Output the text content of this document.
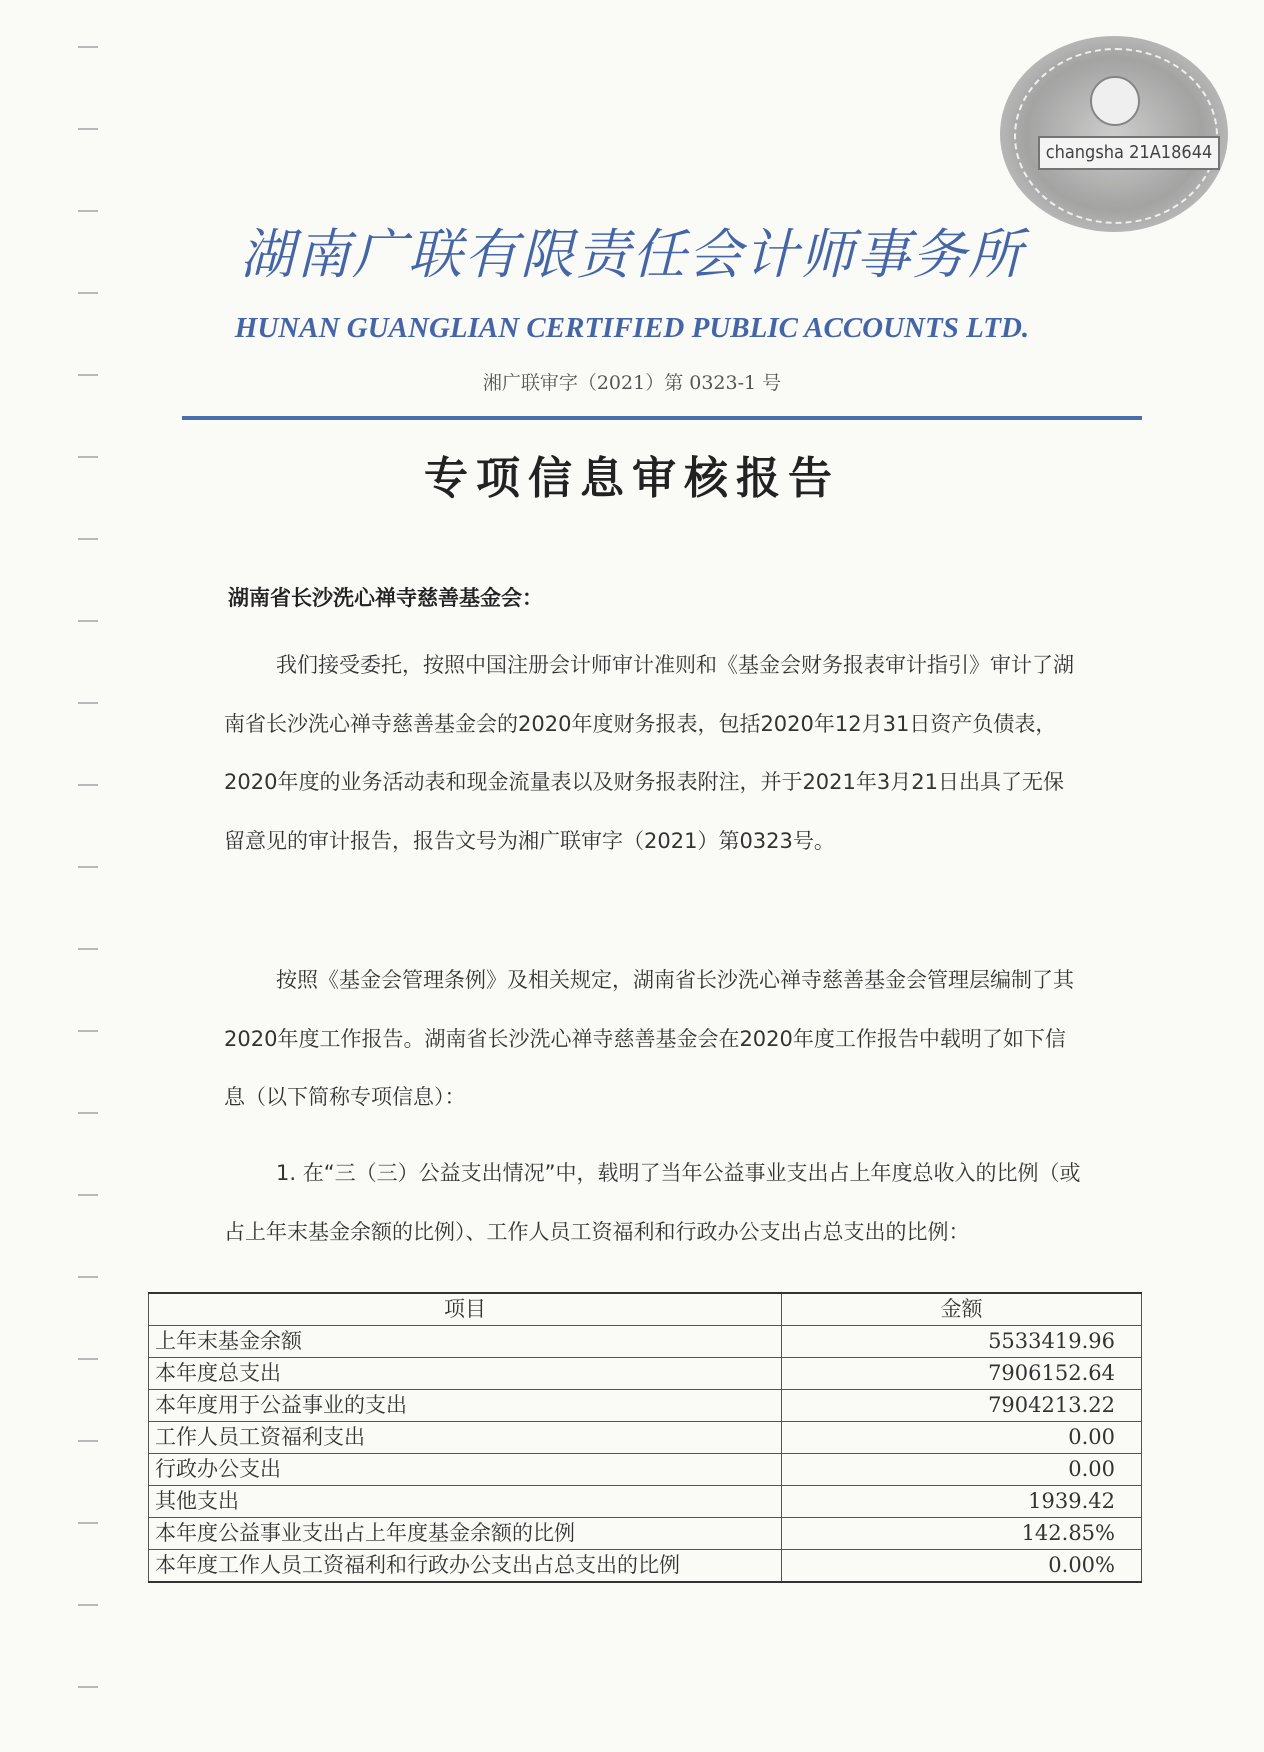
changsha 21A18644
湖南广联有限责任会计师事务所
HUNAN GUANGLIAN CERTIFIED PUBLIC ACCOUNTS LTD.
湘广联审字（2021）第 0323-1 号
专项信息审核报告
湖南省长沙洗心禅寺慈善基金会：

我们接受委托，按照中国注册会计师审计准则和《基金会财务报表审计指引》审计了湖南省长沙洗心禅寺慈善基金会的2020年度财务报表，包括2020年12月31日资产负债表，2020年度的业务活动表和现金流量表以及财务报表附注，并于2021年3月21日出具了无保留意见的审计报告，报告文号为湘广联审字（2021）第0323号。

按照《基金会管理条例》及相关规定，湖南省长沙洗心禅寺慈善基金会管理层编制了其2020年度工作报告。湖南省长沙洗心禅寺慈善基金会在2020年度工作报告中载明了如下信息（以下简称专项信息）：

1. 在“三（三）公益支出情况”中，载明了当年公益事业支出占上年度总收入的比例（或占上年末基金余额的比例）、工作人员工资福利和行政办公支出占总支出的比例：

项目	金额
上年末基金余额	5533419.96
本年度总支出	7906152.64
本年度用于公益事业的支出	7904213.22
工作人员工资福利支出	0.00
行政办公支出	0.00
其他支出	1939.42
本年度公益事业支出占上年度基金余额的比例	142.85%
本年度工作人员工资福利和行政办公支出占总支出的比例	0.00%
